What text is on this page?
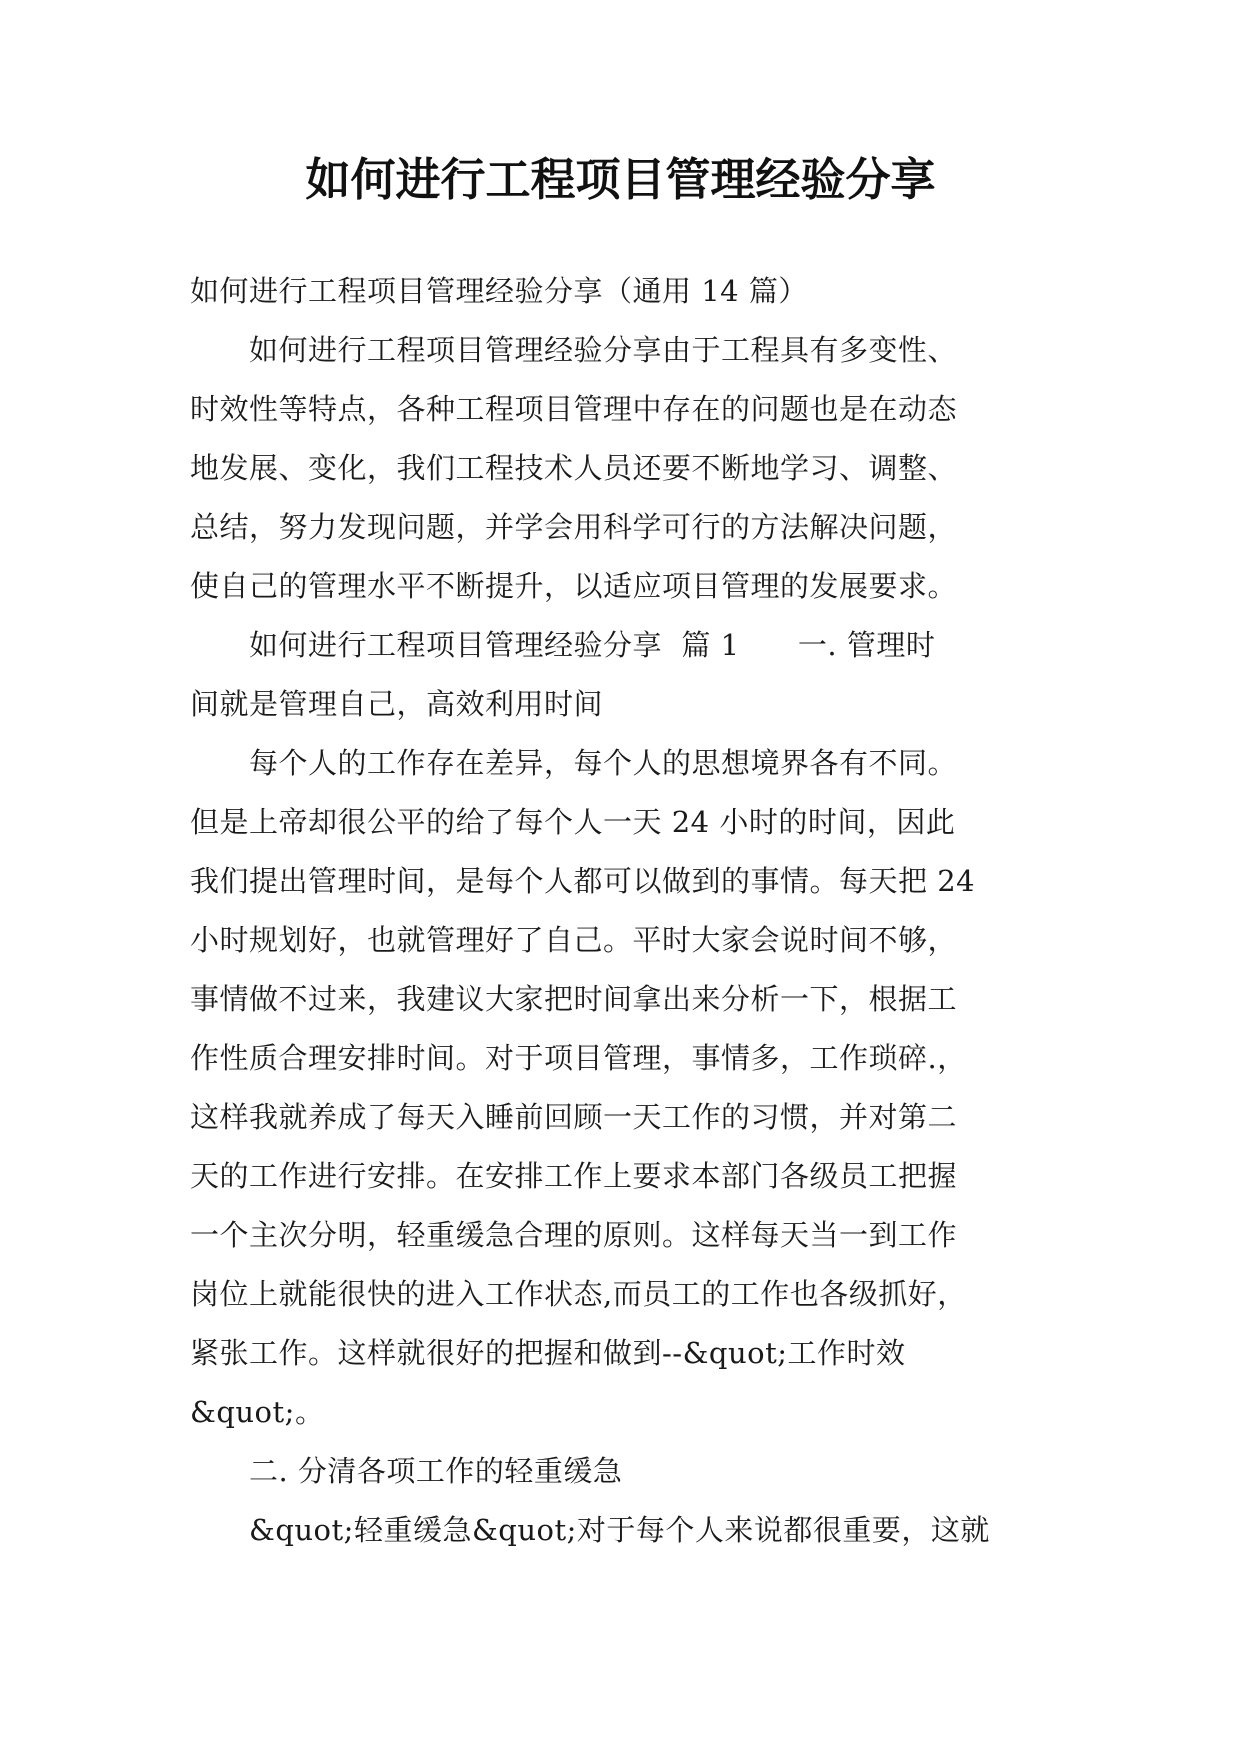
如何进行工程项目管理经验分享
如何进行工程项目管理经验分享（通用 14 篇）
　　如何进行工程项目管理经验分享由于工程具有多变性、
时效性等特点，各种工程项目管理中存在的问题也是在动态
地发展、变化，我们工程技术人员还要不断地学习、调整、
总结，努力发现问题，并学会用科学可行的方法解决问题，
使自己的管理水平不断提升，以适应项目管理的发展要求。
　　如何进行工程项目管理经验分享  篇 1      一. 管理时
间就是管理自己，高效利用时间
　　每个人的工作存在差异，每个人的思想境界各有不同。
但是上帝却很公平的给了每个人一天 24 小时的时间，因此
我们提出管理时间，是每个人都可以做到的事情。每天把 24
小时规划好，也就管理好了自己。平时大家会说时间不够，
事情做不过来，我建议大家把时间拿出来分析一下，根据工
作性质合理安排时间。对于项目管理，事情多，工作琐碎.，
这样我就养成了每天入睡前回顾一天工作的习惯，并对第二
天的工作进行安排。在安排工作上要求本部门各级员工把握
一个主次分明，轻重缓急合理的原则。这样每天当一到工作
岗位上就能很快的进入工作状态,而员工的工作也各级抓好，
紧张工作。这样就很好的把握和做到--&quot;工作时效
&quot;。
　　二. 分清各项工作的轻重缓急
　　&quot;轻重缓急&quot;对于每个人来说都很重要，这就
